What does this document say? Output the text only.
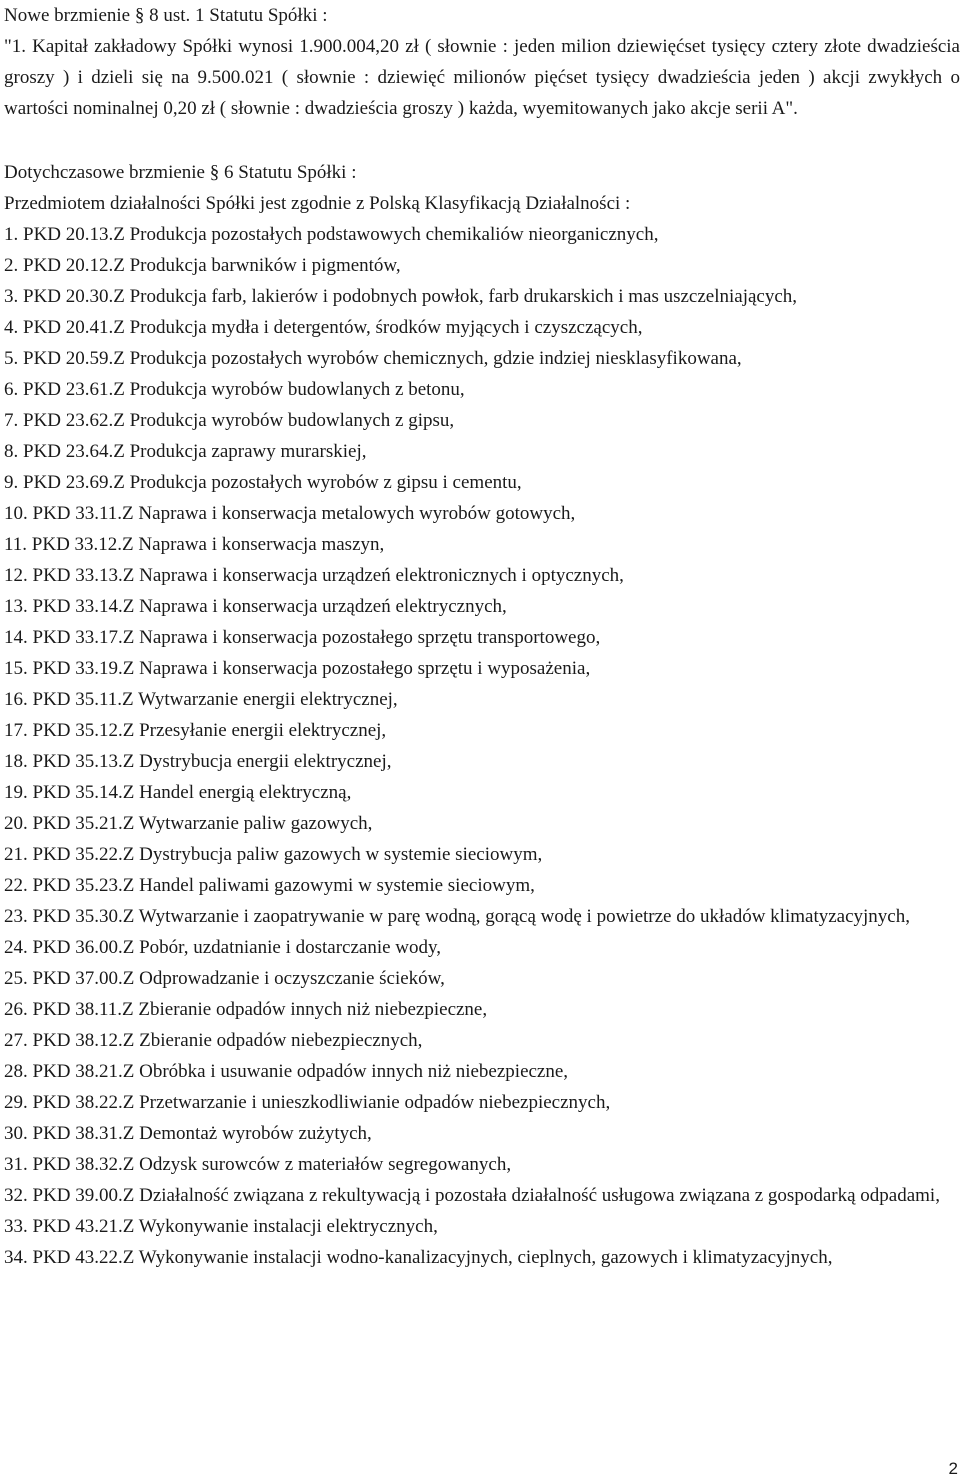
Nowe brzmienie § 8 ust. 1 Statutu Spółki :

"1. Kapitał zakładowy Spółki wynosi 1.900.004,20 zł ( słownie : jeden milion dziewięćset tysięcy cztery złote dwadzieścia groszy ) i dzieli się na 9.500.021 ( słownie : dziewięć milionów pięćset tysięcy dwadzieścia jeden ) akcji zwykłych o wartości nominalnej 0,20 zł ( słownie : dwadzieścia groszy ) każda, wyemitowanych jako akcje serii A".

Dotychczasowe brzmienie § 6 Statutu Spółki :

Przedmiotem działalności Spółki jest zgodnie z Polską Klasyfikacją Działalności :

1. PKD 20.13.Z Produkcja pozostałych podstawowych chemikaliów nieorganicznych,
2. PKD 20.12.Z Produkcja barwników i pigmentów,
3. PKD 20.30.Z Produkcja farb, lakierów i podobnych powłok, farb drukarskich i mas uszczelniających,
4. PKD 20.41.Z Produkcja mydła i detergentów, środków myjących i czyszczących,
5. PKD 20.59.Z Produkcja pozostałych wyrobów chemicznych, gdzie indziej niesklasyfikowana,
6. PKD 23.61.Z Produkcja wyrobów budowlanych z betonu,
7. PKD 23.62.Z Produkcja wyrobów budowlanych z gipsu,
8. PKD 23.64.Z Produkcja zaprawy murarskiej,
9. PKD 23.69.Z Produkcja pozostałych wyrobów z gipsu i cementu,
10. PKD 33.11.Z Naprawa i konserwacja metalowych wyrobów gotowych,
11. PKD 33.12.Z Naprawa i konserwacja maszyn,
12. PKD 33.13.Z Naprawa i konserwacja urządzeń elektronicznych i optycznych,
13. PKD 33.14.Z Naprawa i konserwacja urządzeń elektrycznych,
14. PKD 33.17.Z Naprawa i konserwacja pozostałego sprzętu transportowego,
15. PKD 33.19.Z Naprawa i konserwacja pozostałego sprzętu i wyposażenia,
16. PKD 35.11.Z Wytwarzanie energii elektrycznej,
17. PKD 35.12.Z Przesyłanie energii elektrycznej,
18. PKD 35.13.Z Dystrybucja energii elektrycznej,
19. PKD 35.14.Z Handel energią elektryczną,
20. PKD 35.21.Z Wytwarzanie paliw gazowych,
21. PKD 35.22.Z Dystrybucja paliw gazowych w systemie sieciowym,
22. PKD 35.23.Z Handel paliwami gazowymi w systemie sieciowym,
23. PKD 35.30.Z Wytwarzanie i zaopatrywanie w parę wodną, gorącą wodę i powietrze do układów klimatyzacyjnych,
24. PKD 36.00.Z Pobór, uzdatnianie i dostarczanie wody,
25. PKD 37.00.Z Odprowadzanie i oczyszczanie ścieków,
26. PKD 38.11.Z Zbieranie odpadów innych niż niebezpieczne,
27. PKD 38.12.Z Zbieranie odpadów niebezpiecznych,
28. PKD 38.21.Z Obróbka i usuwanie odpadów innych niż niebezpieczne,
29. PKD 38.22.Z Przetwarzanie i unieszkodliwianie odpadów niebezpiecznych,
30. PKD 38.31.Z Demontaż wyrobów zużytych,
31. PKD 38.32.Z Odzysk surowców z materiałów segregowanych,
32. PKD 39.00.Z Działalność związana z rekultywacją i pozostała działalność usługowa związana z gospodarką odpadami,
33. PKD 43.21.Z Wykonywanie instalacji elektrycznych,
34. PKD 43.22.Z Wykonywanie instalacji wodno-kanalizacyjnych, cieplnych, gazowych i klimatyzacyjnych,
2
